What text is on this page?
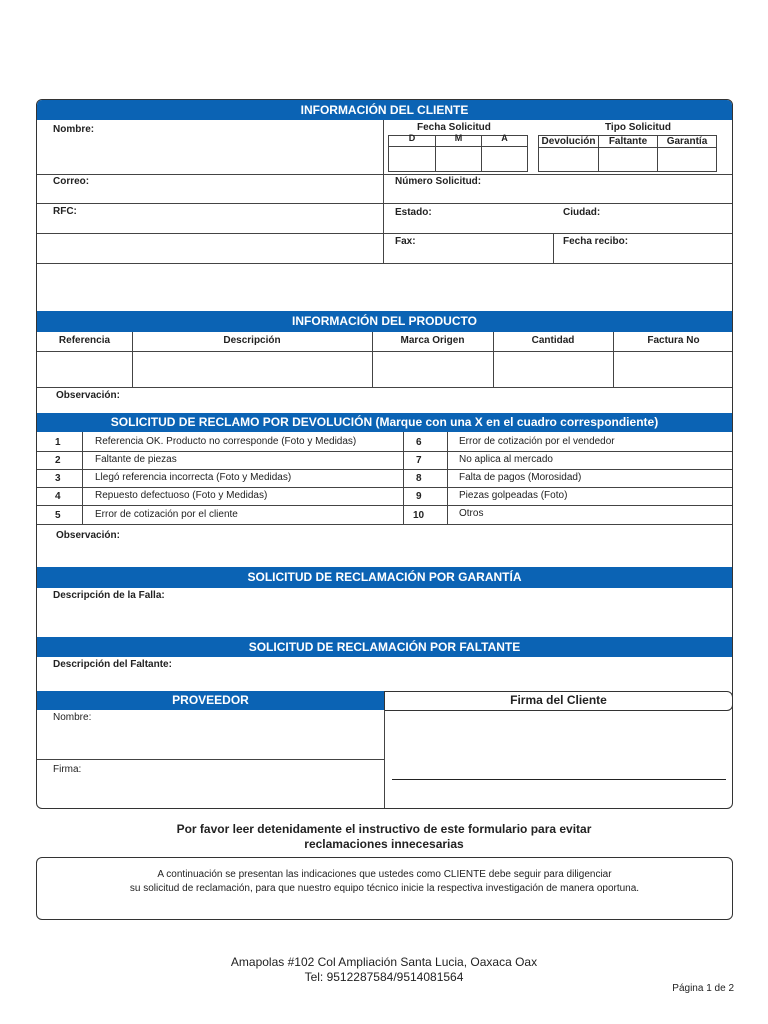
INFORMACIÓN DEL CLIENTE
Nombre:	Fecha Solicitud	Tipo Solicitud
D	M	A	Devolución	Faltante	Garantía
Correo:	Número Solicitud:
RFC:	Estado:	Ciudad:
Fax:	Fecha recibo:
INFORMACIÓN DEL PRODUCTO
Referencia	Descripción	Marca Origen	Cantidad	Factura No
Observación:
SOLICITUD DE RECLAMO POR DEVOLUCIÓN (Marque con una X en el cuadro correspondiente)
1	Referencia OK. Producto no corresponde (Foto y Medidas)
2	Faltante de piezas
3	Llegó referencia incorrecta (Foto y Medidas)
4	Repuesto defectuoso (Foto y Medidas)
5	Error de cotización por el cliente
6	Error de cotización por el vendedor
7	No aplica al mercado
8	Falta de pagos (Morosidad)
9	Piezas golpeadas (Foto)
10	Otros
Observación:
SOLICITUD DE RECLAMACIÓN POR GARANTÍA
Descripción de la Falla:
SOLICITUD DE RECLAMACIÓN POR FALTANTE
Descripción del Faltante:
PROVEEDOR	Firma del Cliente
Nombre:
Firma:
Por favor leer detenidamente el instructivo de este formulario para evitar
reclamaciones innecesarias
A continuación se presentan las indicaciones que ustedes como CLIENTE debe seguir para diligenciar
su solicitud de reclamación, para que nuestro equipo técnico inicie la respectiva investigación de manera oportuna.
Amapolas #102 Col Ampliación Santa Lucia, Oaxaca Oax
Tel: 9512287584/9514081564
Página 1 de 2
